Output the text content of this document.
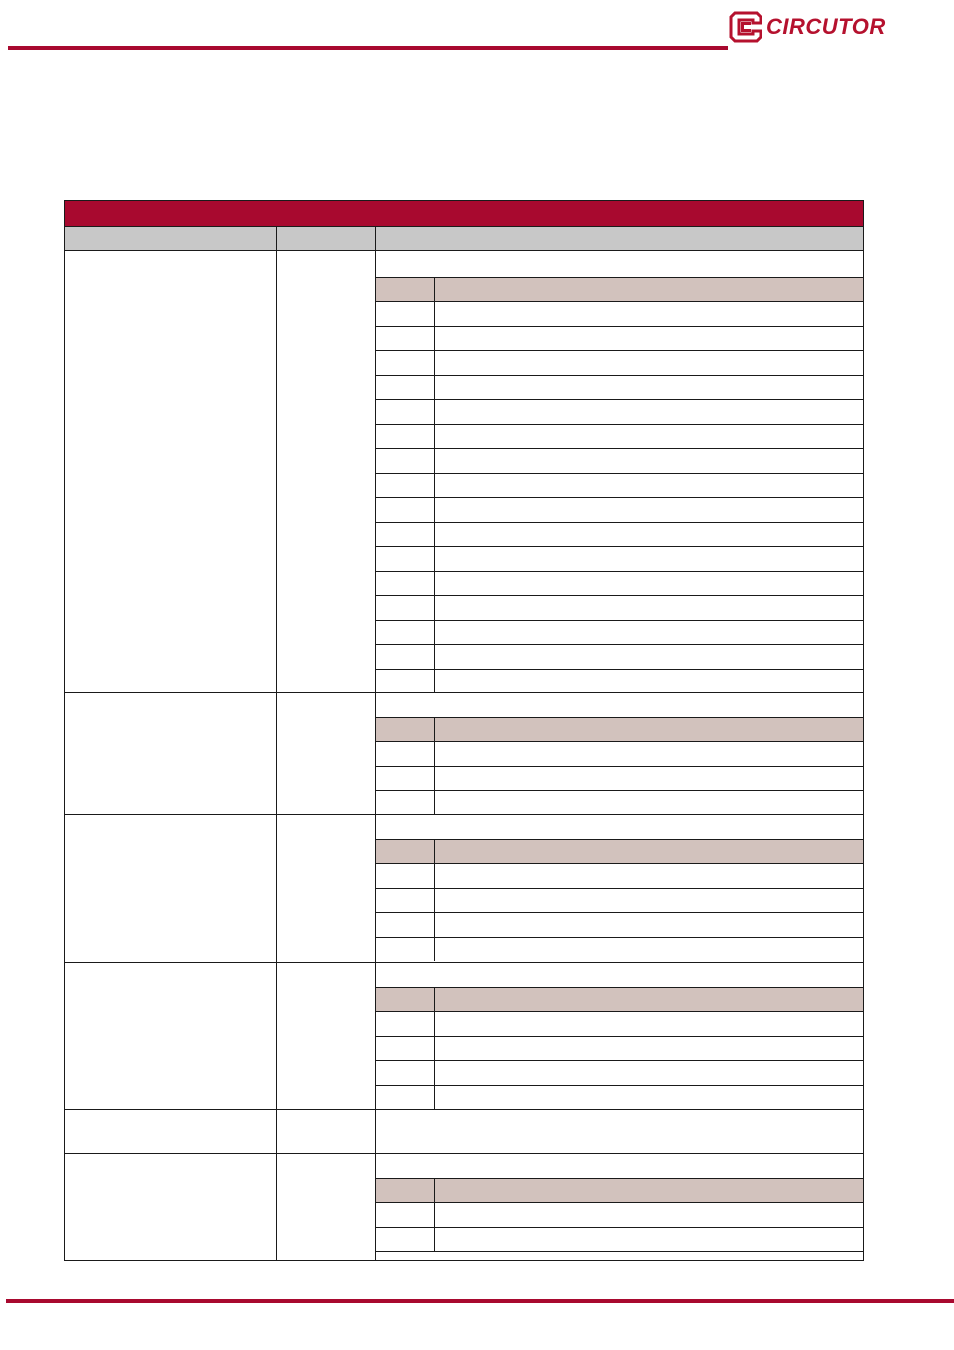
CIRCUTOR
